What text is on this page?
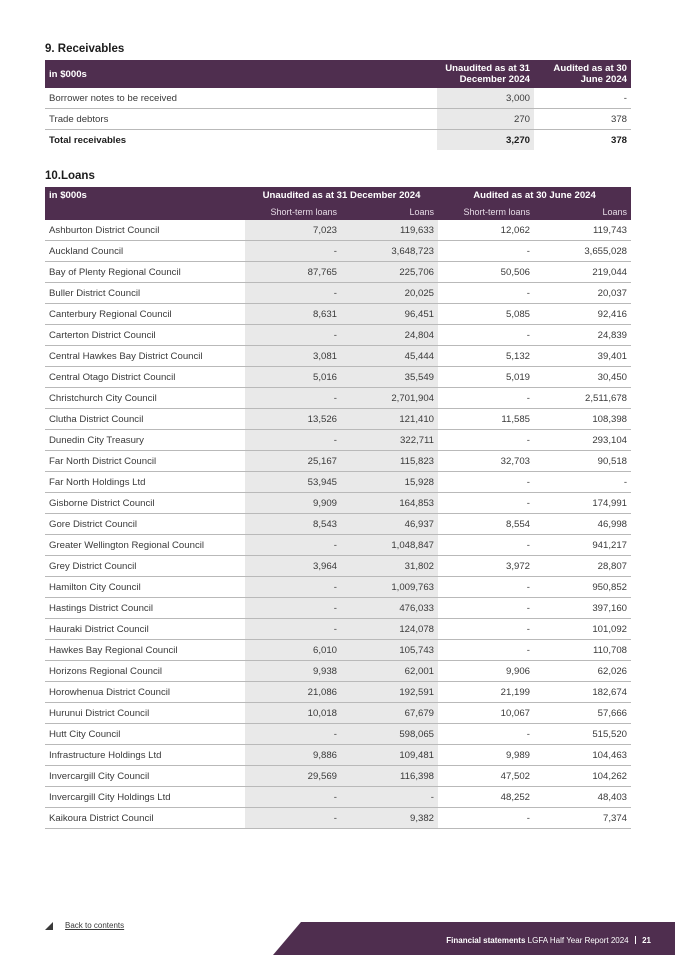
9. Receivables
in $000s	Unaudited as at 31 December 2024	Audited as at 30 June 2024
Borrower notes to be received	3,000	-
Trade debtors	270	378
Total receivables	3,270	378
10.Loans
in $000s	Unaudited as at 31 December 2024		Audited as at 30 June 2024	
	Short-term loans	Loans	Short-term loans	Loans
Ashburton District Council	7,023	119,633	12,062	119,743
Auckland Council	-	3,648,723	-	3,655,028
Bay of Plenty Regional Council	87,765	225,706	50,506	219,044
Buller District Council	-	20,025	-	20,037
Canterbury Regional Council	8,631	96,451	5,085	92,416
Carterton District Council	-	24,804	-	24,839
Central Hawkes Bay District Council	3,081	45,444	5,132	39,401
Central Otago District Council	5,016	35,549	5,019	30,450
Christchurch City Council	-	2,701,904	-	2,511,678
Clutha District Council	13,526	121,410	11,585	108,398
Dunedin City Treasury	-	322,711	-	293,104
Far North District Council	25,167	115,823	32,703	90,518
Far North Holdings Ltd	53,945	15,928	-	-
Gisborne District Council	9,909	164,853	-	174,991
Gore District Council	8,543	46,937	8,554	46,998
Greater Wellington Regional Council	-	1,048,847	-	941,217
Grey District Council	3,964	31,802	3,972	28,807
Hamilton City Council	-	1,009,763	-	950,852
Hastings District Council	-	476,033	-	397,160
Hauraki District Council	-	124,078	-	101,092
Hawkes Bay Regional Council	6,010	105,743	-	110,708
Horizons Regional Council	9,938	62,001	9,906	62,026
Horowhenua District Council	21,086	192,591	21,199	182,674
Hurunui District Council	10,018	67,679	10,067	57,666
Hutt City Council	-	598,065	-	515,520
Infrastructure Holdings Ltd	9,886	109,481	9,989	104,463
Invercargill City Council	29,569	116,398	47,502	104,262
Invercargill City Holdings Ltd	-	-	48,252	48,403
Kaikoura District Council	-	9,382	-	7,374
Back to contents
Financial statements LGFA Half Year Report 2024 21
